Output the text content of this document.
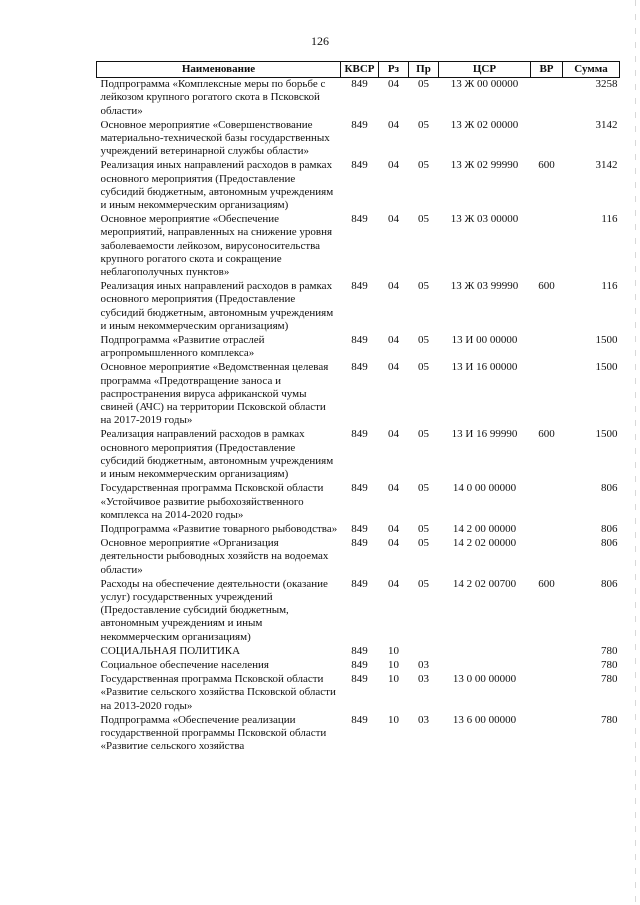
126
Наименование	КВСР	Рз	Пр	ЦСР	ВР	Сумма
Подпрограмма «Комплексные меры по борьбе с лейкозом крупного рогатого скота в Псковской области»	849	04	05	13 Ж 00 00000		3258
Основное мероприятие «Совершенствование материально-технической базы государственных учреждений ветеринарной службы области»	849	04	05	13 Ж 02 00000		3142
Реализация иных направлений расходов в рамках основного мероприятия (Предоставление субсидий бюджетным, автономным учреждениям и иным некоммерческим организациям)	849	04	05	13 Ж 02 99990	600	3142
Основное мероприятие «Обеспечение мероприятий, направленных на снижение уровня заболеваемости лейкозом, вирусоносительства крупного рогатого скота и сокращение неблагополучных пунктов»	849	04	05	13 Ж 03 00000		116
Реализация иных направлений расходов в рамках основного мероприятия (Предоставление субсидий бюджетным, автономным учреждениям и иным некоммерческим организациям)	849	04	05	13 Ж 03 99990	600	116
Подпрограмма «Развитие отраслей агропромышленного комплекса»	849	04	05	13 И 00 00000		1500
Основное мероприятие «Ведомственная целевая программа «Предотвращение заноса и распространения вируса африканской чумы свиней (АЧС) на территории Псковской области на 2017-2019 годы»	849	04	05	13 И 16 00000		1500
Реализация направлений расходов в рамках основного мероприятия (Предоставление субсидий бюджетным, автономным учреждениям и иным некоммерческим организациям)	849	04	05	13 И 16 99990	600	1500
Государственная программа Псковской области «Устойчивое развитие рыбохозяйственного комплекса на 2014-2020 годы»	849	04	05	14 0 00 00000		806
Подпрограмма «Развитие товарного рыбоводства»	849	04	05	14 2 00 00000		806
Основное мероприятие «Организация деятельности рыбоводных хозяйств на водоемах области»	849	04	05	14 2 02 00000		806
Расходы на обеспечение деятельности (оказание услуг) государственных учреждений (Предоставление субсидий бюджетным, автономным учреждениям и иным некоммерческим организациям)	849	04	05	14 2 02 00700	600	806
СОЦИАЛЬНАЯ ПОЛИТИКА	849	10				780
Социальное обеспечение населения	849	10	03			780
Государственная программа Псковской области «Развитие сельского хозяйства Псковской области на 2013-2020 годы»	849	10	03	13 0 00 00000		780
Подпрограмма «Обеспечение реализации государственной программы Псковской области «Развитие сельского хозяйства	849	10	03	13 6 00 00000		780
